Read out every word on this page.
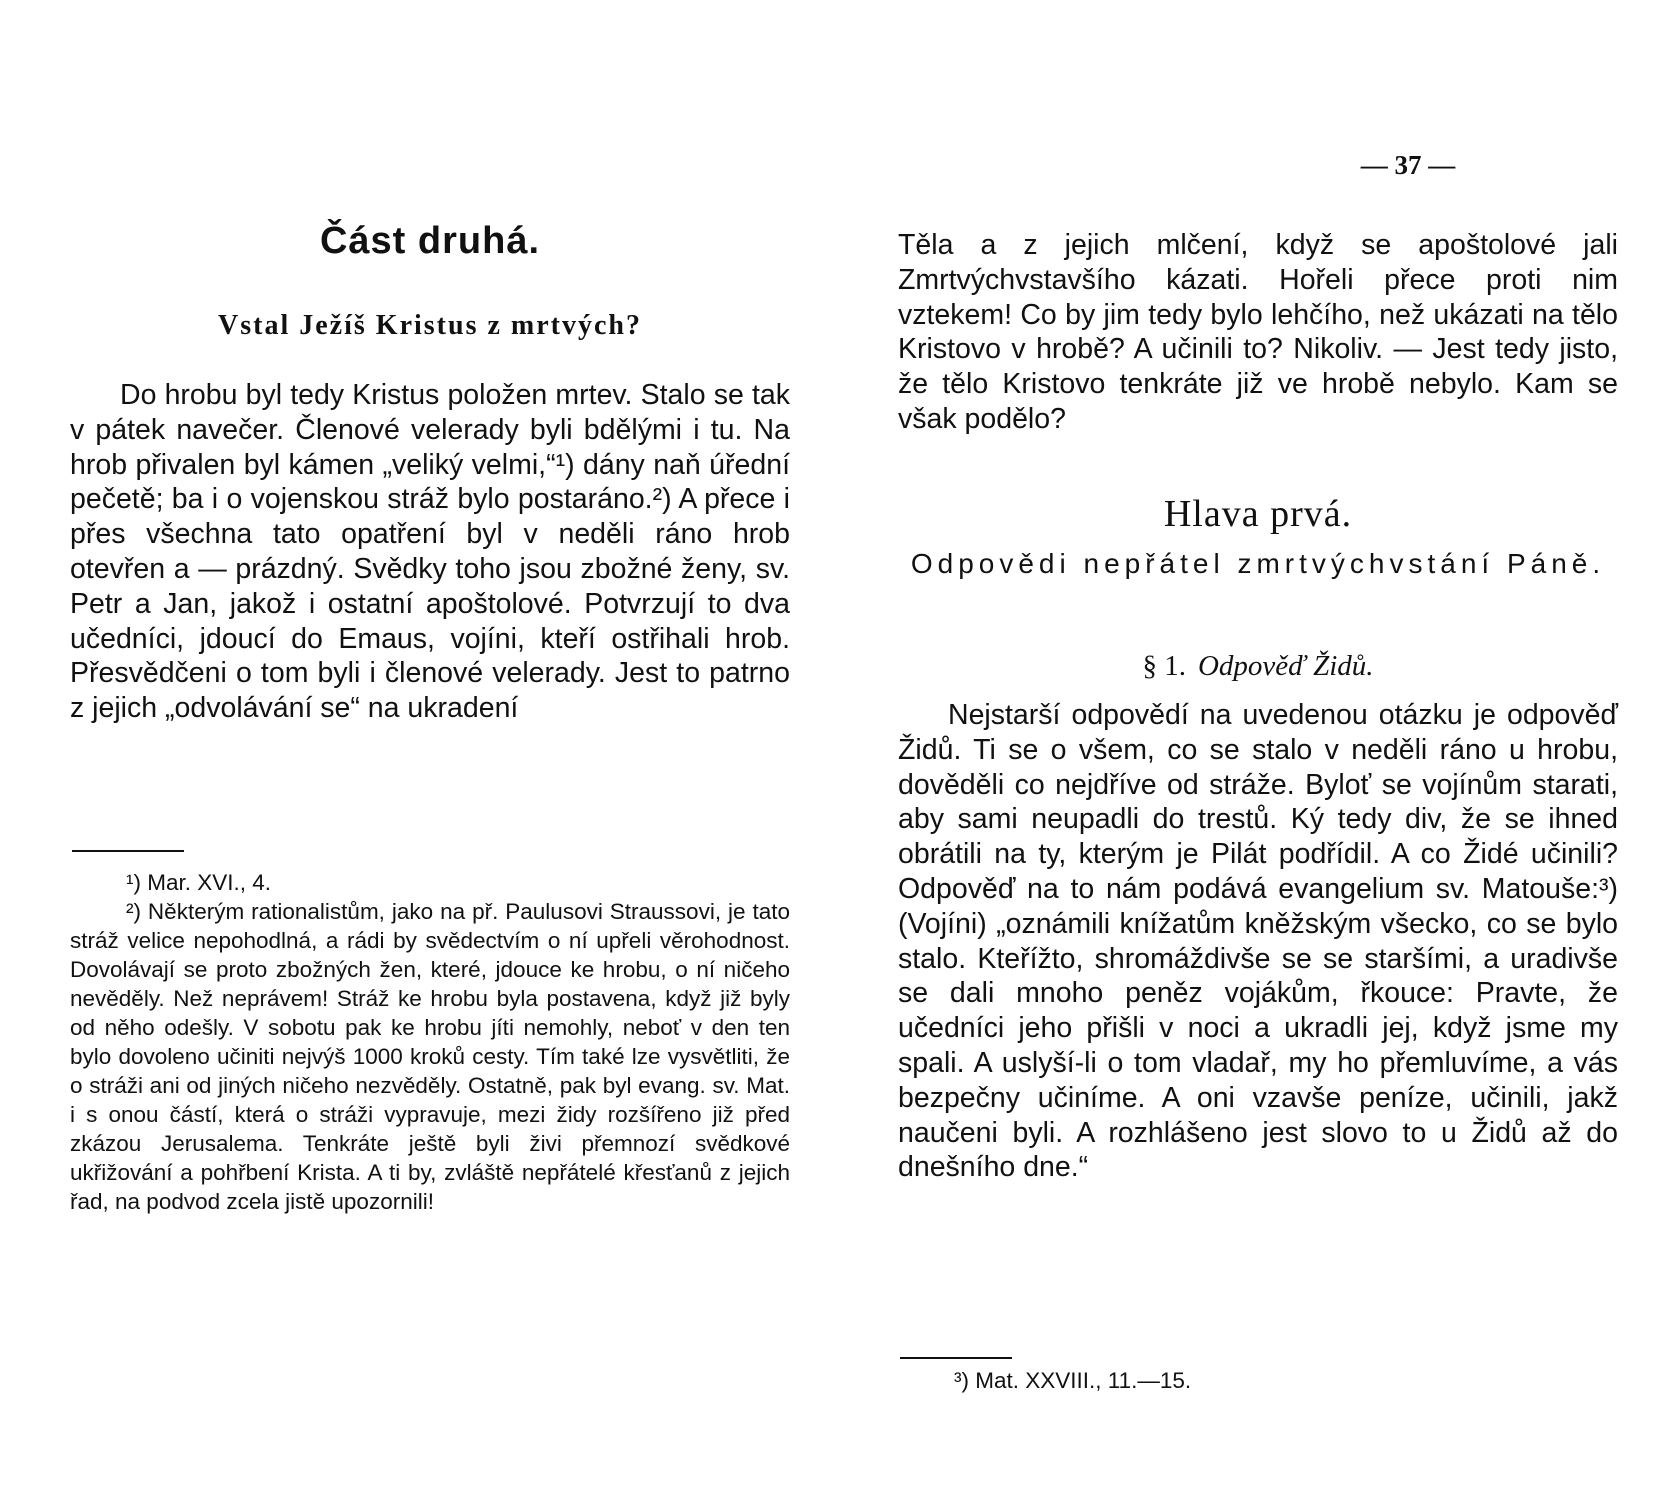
Část druhá.
Vstal Ježíš Kristus z mrtvých?

Do hrobu byl tedy Kristus položen mrtev. Stalo se tak v pátek navečer. Členové velerady byli bdělými i tu. Na hrob přivalen byl kámen „veliký velmi,“¹) dány naň úřední pečetě; ba i o vojenskou stráž bylo postaráno.²) A přece i přes všechna tato opatření byl v neděli ráno hrob otevřen a — prázdný. Svědky toho jsou zbožné ženy, sv. Petr a Jan, jakož i ostatní apoštolové. Potvrzují to dva učedníci, jdoucí do Emaus, vojíni, kteří ostřihali hrob. Přesvědčeni o tom byli i členové velerady. Jest to patrno z jejich „odvolávání se“ na ukradení

¹) Mar. XVI., 4.

²) Některým rationalistům, jako na př. Paulusovi Straussovi, je tato stráž velice nepohodlná, a rádi by svědectvím o ní upřeli věrohodnost. Dovolávají se proto zbožných žen, které, jdouce ke hrobu, o ní ničeho nevěděly. Než neprávem! Stráž ke hrobu byla postavena, když již byly od něho odešly. V sobotu pak ke hrobu jíti nemohly, neboť v den ten bylo dovoleno učiniti nejvýš 1000 kroků cesty. Tím také lze vysvětliti, že o stráži ani od jiných ničeho nezvěděly. Ostatně, pak byl evang. sv. Mat. i s onou částí, která o stráži vypravuje, mezi židy rozšířeno již před zkázou Jerusalema. Tenkráte ještě byli živi přemnozí svědkové ukřižování a pohřbení Krista. A ti by, zvláště nepřátelé křesťanů z jejich řad, na podvod zcela jistě upozornili!

— 37 —

Těla a z jejich mlčení, když se apoštolové jali Zmrtvýchvstavšího kázati. Hořeli přece proti nim vztekem! Co by jim tedy bylo lehčího, než ukázati na tělo Kristovo v hrobě? A učinili to? Nikoliv. — Jest tedy jisto, že tělo Kristovo tenkráte již ve hrobě nebylo. Kam se však podělo?

Hlava prvá.
Odpovědi nepřátel zmrtvýchvstání Páně.
§ 1. Odpověď Židů.

Nejstarší odpovědí na uvedenou otázku je odpověď Židů. Ti se o všem, co se stalo v neděli ráno u hrobu, dověděli co nejdříve od stráže. Byloť se vojínům starati, aby sami neupadli do trestů. Ký tedy div, že se ihned obrátili na ty, kterým je Pilát podřídil. A co Židé učinili? Odpověď na to nám podává evangelium sv. Matouše:³) (Vojíni) „oznámili knížatům kněžským všecko, co se bylo stalo. Kteřížto, shromáždivše se se staršími, a uradivše se dali mnoho peněz vojákům, řkouce: Pravte, že učedníci jeho přišli v noci a ukradli jej, když jsme my spali. A uslyší-li o tom vladař, my ho přemluvíme, a vás bezpečny učiníme. A oni vzavše peníze, učinili, jakž naučeni byli. A rozhlášeno jest slovo to u Židů až do dnešního dne.“

³) Mat. XXVIII., 11.—15.
